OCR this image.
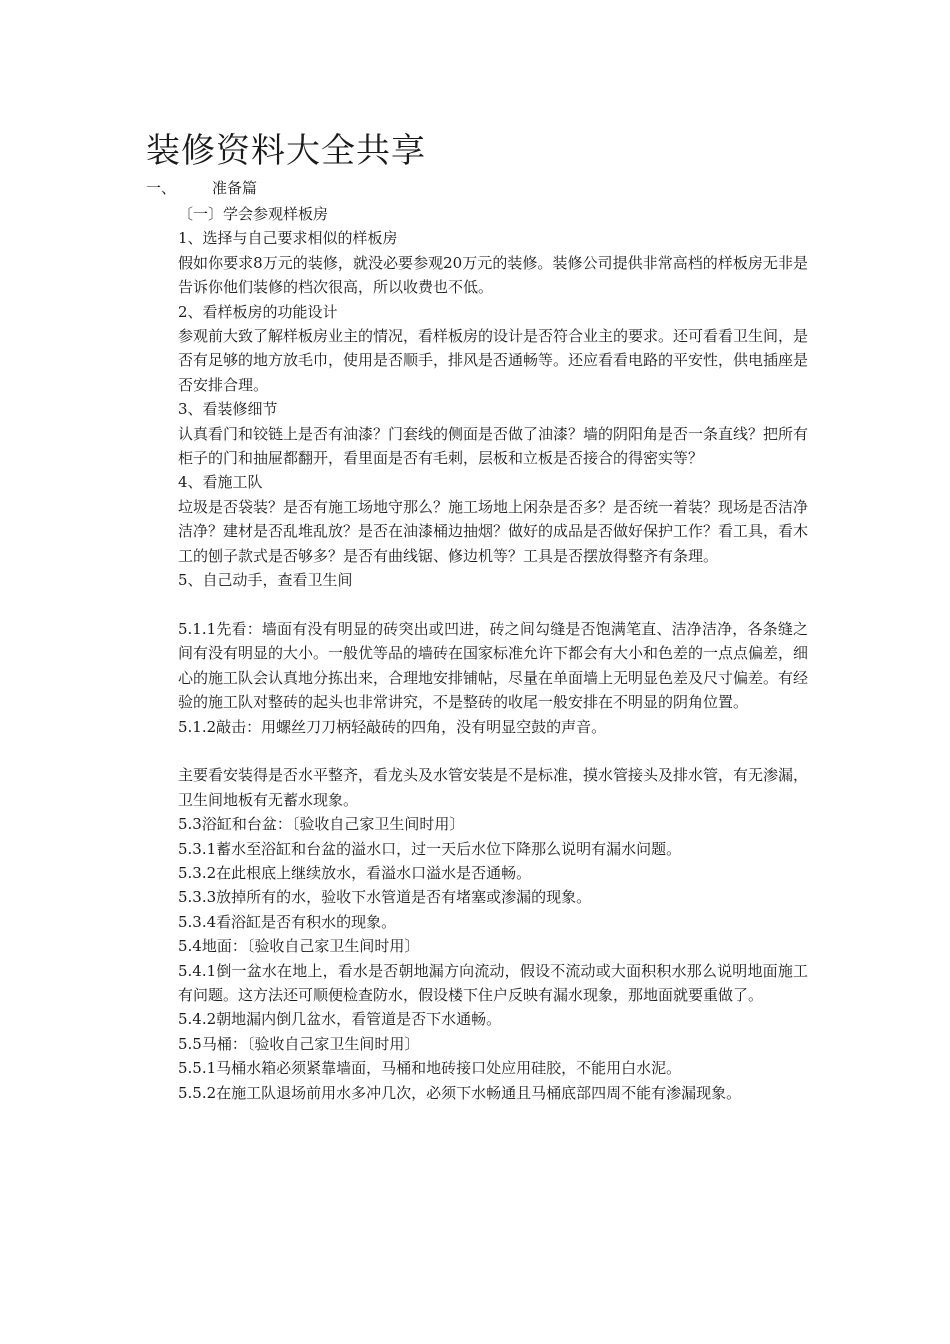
装修资料大全共享
一、 准备篇

〔一〕学会参观样板房

1、选择与自己要求相似的样板房

假如你要求8万元的装修，就没必要参观20万元的装修。装修公司提供非常高档的样板房无非是告诉你他们装修的档次很高，所以收费也不低。

2、看样板房的功能设计

参观前大致了解样板房业主的情况，看样板房的设计是否符合业主的要求。还可看看卫生间，是否有足够的地方放毛巾，使用是否顺手，排风是否通畅等。还应看看电路的平安性，供电插座是否安排合理。

3、看装修细节

认真看门和铰链上是否有油漆？门套线的侧面是否做了油漆？墙的阴阳角是否一条直线？把所有柜子的门和抽屉都翻开，看里面是否有毛刺，层板和立板是否接合的得密实等？

4、看施工队

垃圾是否袋装？是否有施工场地守那么？施工场地上闲杂是否多？是否统一着装？现场是否洁净洁净？建材是否乱堆乱放？是否在油漆桶边抽烟？做好的成品是否做好保护工作？看工具，看木工的刨子款式是否够多？是否有曲线锯、修边机等？工具是否摆放得整齐有条理。

5、自己动手，查看卫生间

5.1.1先看：墙面有没有明显的砖突出或凹进，砖之间勾缝是否饱满笔直、洁净洁净，各条缝之间有没有明显的大小。一般优等品的墙砖在国家标准允许下都会有大小和色差的一点点偏差，细心的施工队会认真地分拣出来，合理地安排铺帖，尽量在单面墙上无明显色差及尺寸偏差。有经验的施工队对整砖的起头也非常讲究，不是整砖的收尾一般安排在不明显的阴角位置。

5.1.2敲击：用螺丝刀刀柄轻敲砖的四角，没有明显空鼓的声音。

主要看安装得是否水平整齐，看龙头及水管安装是不是标准，摸水管接头及排水管，有无渗漏，卫生间地板有无蓄水现象。

5.3浴缸和台盆：〔验收自己家卫生间时用〕

5.3.1蓄水至浴缸和台盆的溢水口，过一天后水位下降那么说明有漏水问题。

5.3.2在此根底上继续放水，看溢水口溢水是否通畅。

5.3.3放掉所有的水，验收下水管道是否有堵塞或渗漏的现象。

5.3.4看浴缸是否有积水的现象。

5.4地面：〔验收自己家卫生间时用〕

5.4.1倒一盆水在地上，看水是否朝地漏方向流动，假设不流动或大面积积水那么说明地面施工有问题。这方法还可顺便检查防水，假设楼下住户反映有漏水现象，那地面就要重做了。

5.4.2朝地漏内倒几盆水，看管道是否下水通畅。

5.5马桶：〔验收自己家卫生间时用〕

5.5.1马桶水箱必须紧靠墙面，马桶和地砖接口处应用硅胶，不能用白水泥。

5.5.2在施工队退场前用水多冲几次，必须下水畅通且马桶底部四周不能有渗漏现象。
